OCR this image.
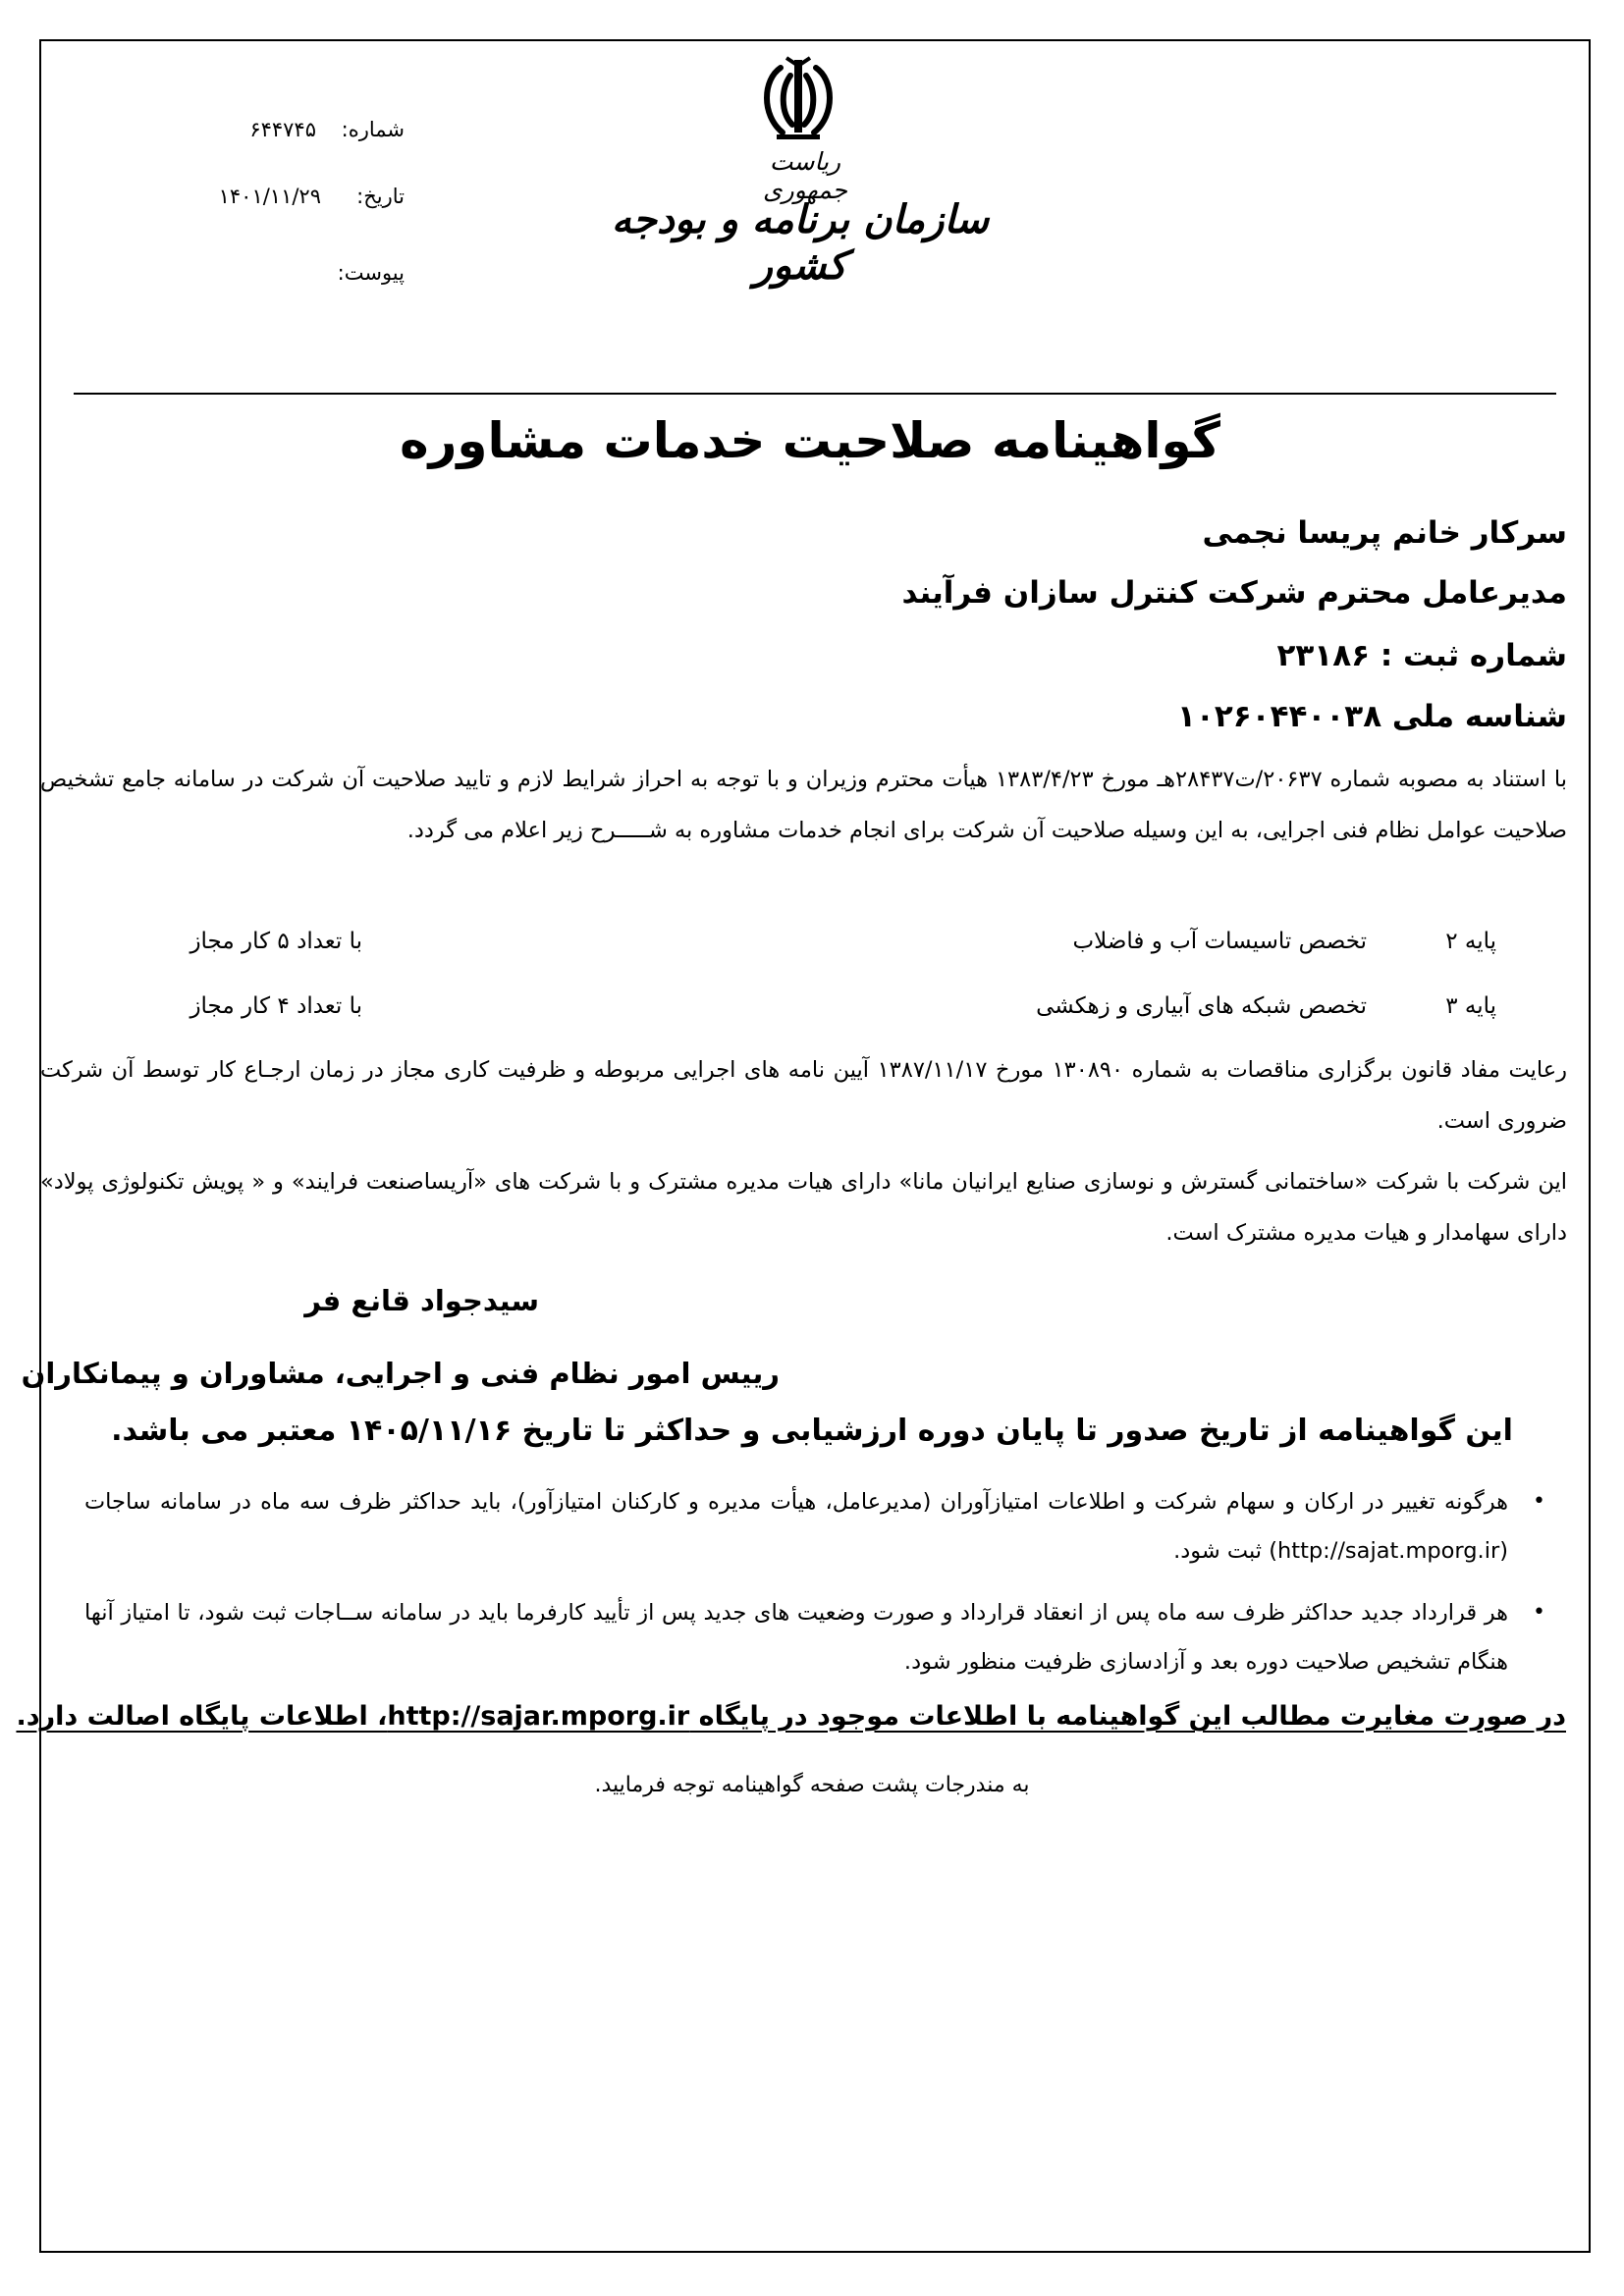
شماره:
۶۴۴۷۴۵
تاریخ:
۱۴۰۱/۱۱/۲۹
پیوست:
ریاست جمهوری
سازمان برنامه و بودجه کشور
گواهینامه صلاحیت خدمات مشاوره
سرکار خانم پریسا نجمی
مدیرعامل محترم شرکت کنترل سازان فرآیند
شماره ثبت : ۲۳۱۸۶
شناسه ملی ۱۰۲۶۰۴۴۰۰۳۸
با استناد به مصوبه شماره ۲۰۶۳۷/ت۲۸۴۳۷هـ مورخ ۱۳۸۳/۴/۲۳ هیأت محترم وزیران و با توجه به احراز شرایط لازم و تایید صلاحیت آن شرکت در سامانه جامع تشخیص صلاحیت عوامل نظام فنی اجرایی، به این وسیله صلاحیت آن شرکت برای انجام خدمات مشاوره به شـــــرح زیر اعلام می گردد.
پایه ۲
تخصص تاسیسات آب و فاضلاب
با تعداد ۵ کار مجاز
پایه ۳
تخصص شبکه های آبیاری و زهکشی
با تعداد ۴ کار مجاز
رعایت مفاد قانون برگزاری مناقصات به شماره ۱۳۰۸۹۰ مورخ ۱۳۸۷/۱۱/۱۷ آیین نامه های اجرایی مربوطه و ظرفیت کاری مجاز در زمان ارجـاع کار توسط آن شرکت ضروری است.
این شرکت با شرکت «ساختمانی گسترش و نوسازی صنایع ایرانیان مانا» دارای هیات مدیره مشترک و با شرکت های «آریساصنعت فرایند» و « پویش تکنولوژی پولاد» دارای سهامدار و هیات مدیره مشترک است.
سیدجواد قانع فر
رییس امور نظام فنی و اجرایی، مشاوران و پیمانکاران
این گواهینامه از تاریخ صدور تا پایان دوره ارزشیابی و حداکثر تا تاریخ ۱۴۰۵/۱۱/۱۶ معتبر می باشد.
•
هرگونه تغییر در ارکان و سهام شرکت و اطلاعات امتیازآوران (مدیرعامل، هیأت مدیره و کارکنان امتیازآور)، باید حداکثر ظرف سه ماه در سامانه ساجات (http://sajat.mporg.ir) ثبت شود.
•
هر قرارداد جدید حداکثر ظرف سه ماه پس از انعقاد قرارداد و صورت وضعیت های جدید پس از تأیید کارفرما باید در سامانه ســاجات ثبت شود، تا امتیاز آنها هنگام تشخیص صلاحیت دوره بعد و آزادسازی ظرفیت منظور شود.
در صورت مغایرت مطالب این گواهینامه با اطلاعات موجود در پایگاه http://sajar.mporg.ir، اطلاعات پایگاه اصالت دارد.
به مندرجات پشت صفحه گواهینامه توجه فرمایید.
